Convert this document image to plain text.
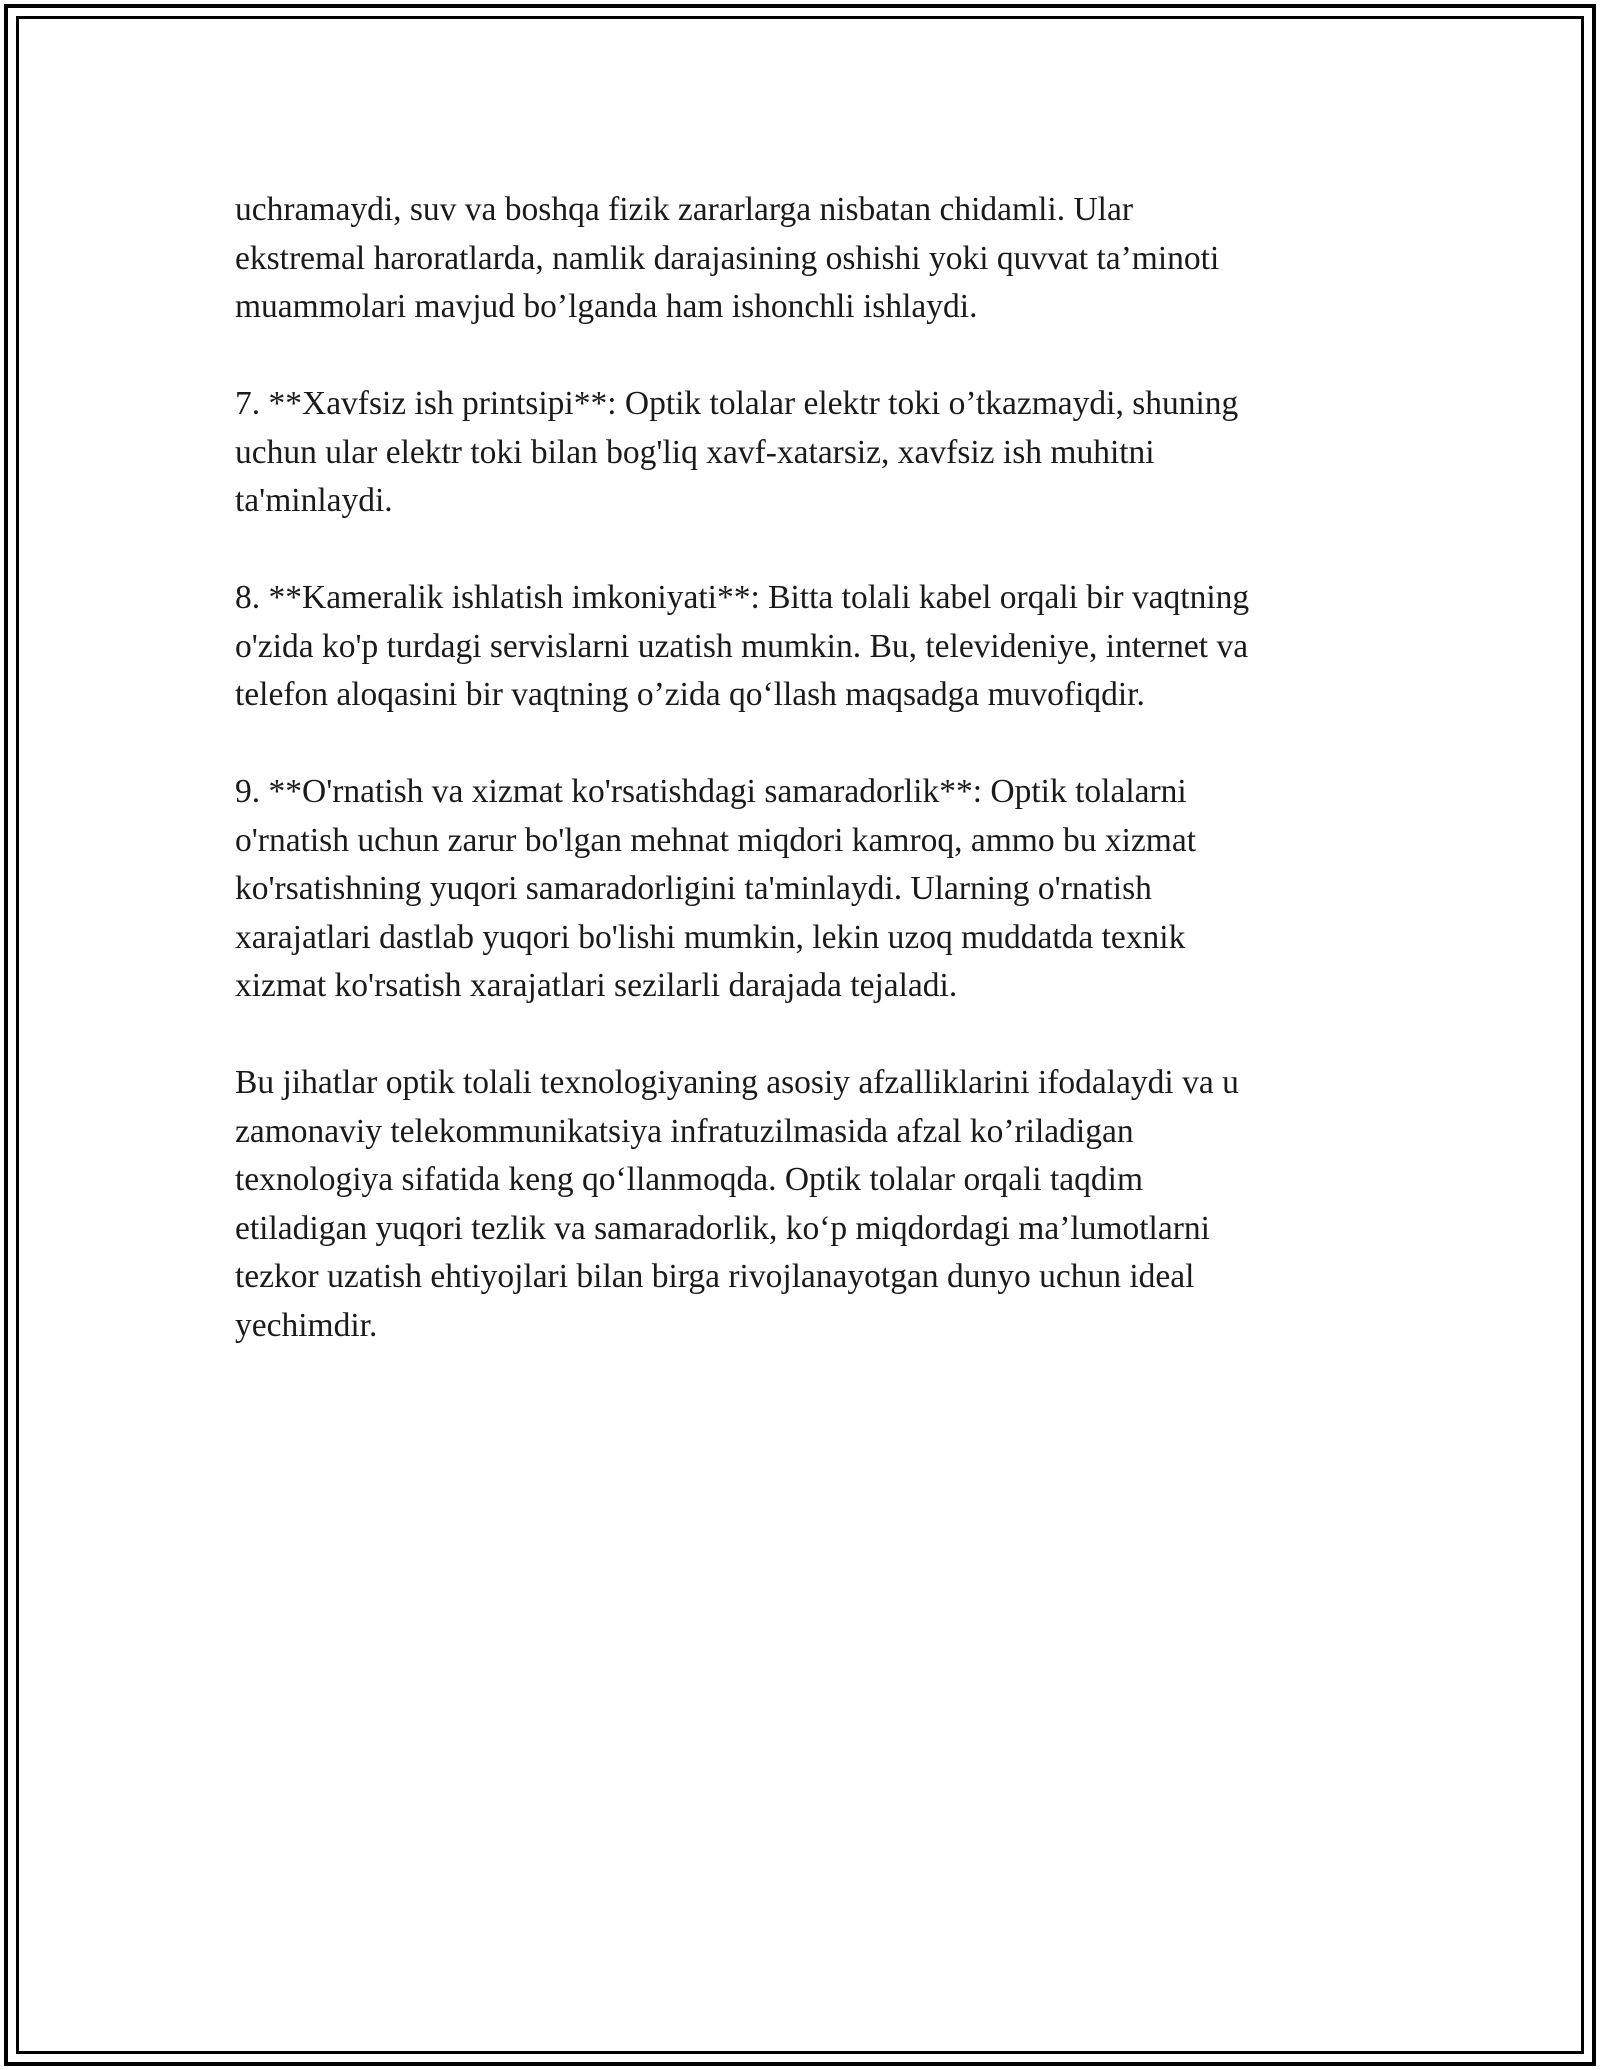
uchramaydi, suv va boshqa fizik zararlarga nisbatan chidamli. Ular
ekstremal haroratlarda, namlik darajasining oshishi yoki quvvat ta’minoti
muammolari mavjud bo’lganda ham ishonchli ishlaydi.

7. **Xavfsiz ish printsipi**: Optik tolalar elektr toki o’tkazmaydi, shuning
uchun ular elektr toki bilan bog'liq xavf-xatarsiz, xavfsiz ish muhitni
ta'minlaydi.

8. **Kameralik ishlatish imkoniyati**: Bitta tolali kabel orqali bir vaqtning
o'zida ko'p turdagi servislarni uzatish mumkin. Bu, televideniye, internet va
telefon aloqasini bir vaqtning o’zida qo‘llash maqsadga muvofiqdir.

9. **O'rnatish va xizmat ko'rsatishdagi samaradorlik**: Optik tolalarni
o'rnatish uchun zarur bo'lgan mehnat miqdori kamroq, ammo bu xizmat
ko'rsatishning yuqori samaradorligini ta'minlaydi. Ularning o'rnatish
xarajatlari dastlab yuqori bo'lishi mumkin, lekin uzoq muddatda texnik
xizmat ko'rsatish xarajatlari sezilarli darajada tejaladi.

Bu jihatlar optik tolali texnologiyaning asosiy afzalliklarini ifodalaydi va u
zamonaviy telekommunikatsiya infratuzilmasida afzal ko’riladigan
texnologiya sifatida keng qo‘llanmoqda. Optik tolalar orqali taqdim
etiladigan yuqori tezlik va samaradorlik, ko‘p miqdordagi ma’lumotlarni
tezkor uzatish ehtiyojlari bilan birga rivojlanayotgan dunyo uchun ideal
yechimdir.
